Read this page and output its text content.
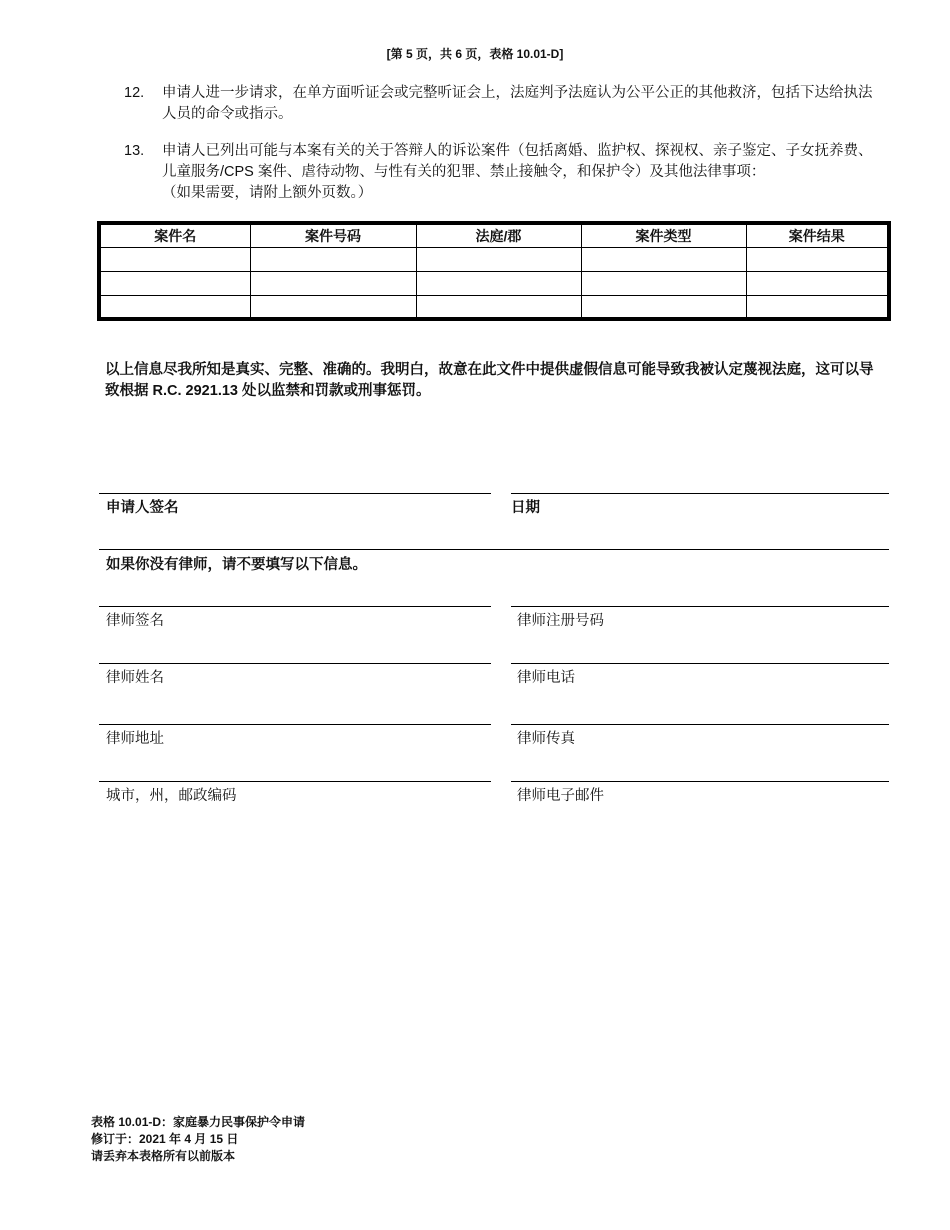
[第 5 页，共 6 页，表格 10.01-D]
12. 申请人进一步请求，在单方面听证会或完整听证会上，法庭判予法庭认为公平公正的其他救济，包括下达给执法人员的命令或指示。
13. 申请人已列出可能与本案有关的关于答辩人的诉讼案件（包括离婚、监护权、探视权、亲子鉴定、子女抚养费、儿童服务/CPS 案件、虐待动物、与性有关的犯罪、禁止接触令，和保护令）及其他法律事项：
（如果需要，请附上额外页数。）
案件名	案件号码	法庭/郡	案件类型	案件结果

以上信息尽我所知是真实、完整、准确的。我明白，故意在此文件中提供虚假信息可能导致我被认定蔑视法庭，这可以导致根据 R.C. 2921.13 处以监禁和罚款或刑事惩罚。
申请人签名	日期
如果你没有律师，请不要填写以下信息。
律师签名	律师注册号码
律师姓名	律师电话
律师地址	律师传真
城市，州，邮政编码	律师电子邮件
表格 10.01-D：家庭暴力民事保护令申请
修订于：2021 年 4 月 15 日
请丢弃本表格所有以前版本
